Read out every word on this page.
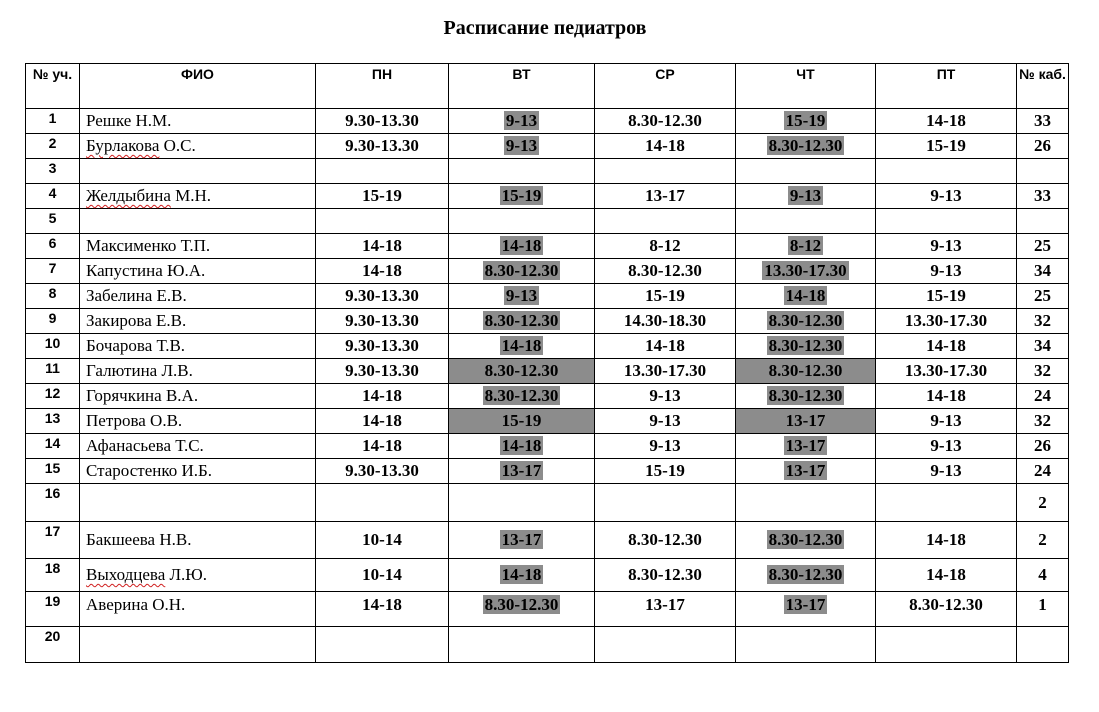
Расписание педиатров
№ уч.	ФИО	ПН	ВТ	СР	ЧТ	ПТ	№ каб.
1	Решке Н.М.	9.30-13.30	9-13	8.30-12.30	15-19	14-18	33
2	Бурлакова О.С.	9.30-13.30	9-13	14-18	8.30-12.30	15-19	26
3							
4	Желдыбина М.Н.	15-19	15-19	13-17	9-13	9-13	33
5							
6	Максименко Т.П.	14-18	14-18	8-12	8-12	9-13	25
7	Капустина Ю.А.	14-18	8.30-12.30	8.30-12.30	13.30-17.30	9-13	34
8	Забелина Е.В.	9.30-13.30	9-13	15-19	14-18	15-19	25
9	Закирова Е.В.	9.30-13.30	8.30-12.30	14.30-18.30	8.30-12.30	13.30-17.30	32
10	Бочарова Т.В.	9.30-13.30	14-18	14-18	8.30-12.30	14-18	34
11	Галютина Л.В.	9.30-13.30	8.30-12.30	13.30-17.30	8.30-12.30	13.30-17.30	32
12	Горячкина В.А.	14-18	8.30-12.30	9-13	8.30-12.30	14-18	24
13	Петрова О.В.	14-18	15-19	9-13	13-17	9-13	32
14	Афанасьева Т.С.	14-18	14-18	9-13	13-17	9-13	26
15	Старостенко И.Б.	9.30-13.30	13-17	15-19	13-17	9-13	24
16							2
17	Бакшеева Н.В.	10-14	13-17	8.30-12.30	8.30-12.30	14-18	2
18	Выходцева Л.Ю.	10-14	14-18	8.30-12.30	8.30-12.30	14-18	4
19	Аверина О.Н.	14-18	8.30-12.30	13-17	13-17	8.30-12.30	1
20							
